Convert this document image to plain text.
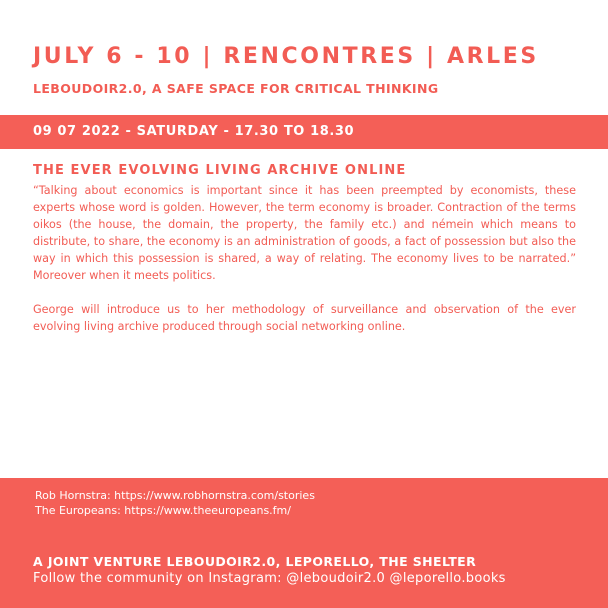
JULY 6 - 10 | RENCONTRES | ARLES
LEBOUDOIR2.0, A SAFE SPACE FOR CRITICAL THINKING
09 07 2022 - SATURDAY - 17.30 TO 18.30
THE EVER EVOLVING LIVING ARCHIVE ONLINE

“Talking about economics is important since it has been preempted by economists, these experts whose word is golden. However, the term economy is broader. Contraction of the terms oikos (the house, the domain, the property, the family etc.) and némein which means to distribute, to share, the economy is an administration of goods, a fact of possession but also the way in which this possession is shared, a way of relating. The economy lives to be narrated.” Moreover when it meets politics.

George will introduce us to her methodology of surveillance and observation of the ever evolving living archive produced through social networking online.

Rob Hornstra: https://www.robhornstra.com/stories
The Europeans: https://www.theeuropeans.fm/
A JOINT VENTURE LEBOUDOIR2.0, LEPORELLO, THE SHELTER
Follow the community on Instagram: @leboudoir2.0 @leporello.books
